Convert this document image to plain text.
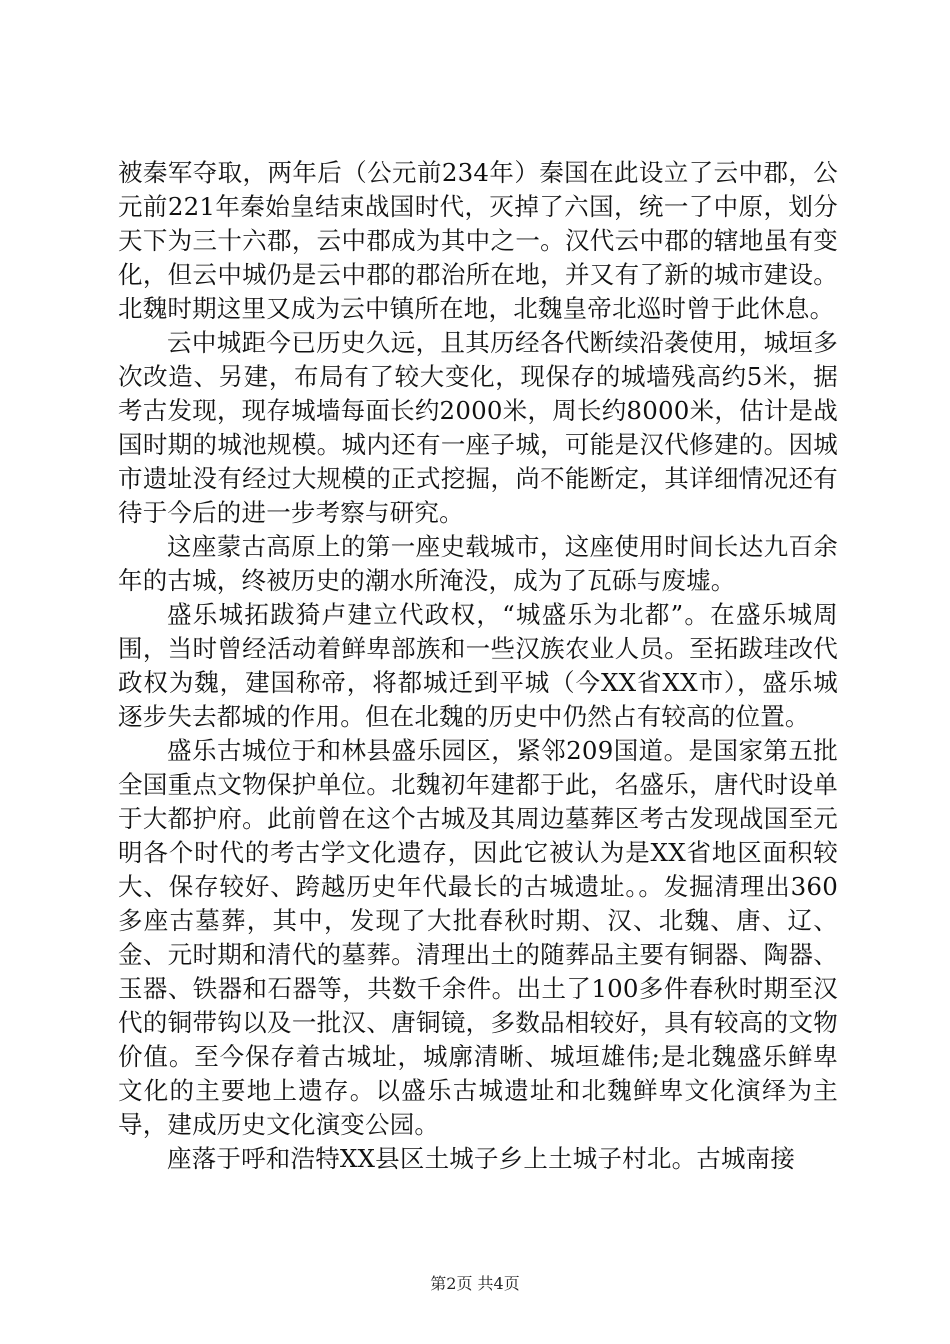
被秦军夺取，两年后（公元前234年）秦国在此设立了云中郡，公元前221年秦始皇结束战国时代，灭掉了六国，统一了中原，划分天下为三十六郡，云中郡成为其中之一。汉代云中郡的辖地虽有变化，但云中城仍是云中郡的郡治所在地，并又有了新的城市建设。北魏时期这里又成为云中镇所在地，北魏皇帝北巡时曾于此休息。

云中城距今已历史久远，且其历经各代断续沿袭使用，城垣多次改造、另建，布局有了较大变化，现保存的城墙残高约5米，据考古发现，现存城墙每面长约2000米，周长约8000米，估计是战国时期的城池规模。城内还有一座子城，可能是汉代修建的。因城市遗址没有经过大规模的正式挖掘，尚不能断定，其详细情况还有待于今后的进一步考察与研究。

这座蒙古高原上的第一座史载城市，这座使用时间长达九百余年的古城，终被历史的潮水所淹没，成为了瓦砾与废墟。

盛乐城拓跋猗卢建立代政权，“城盛乐为北都”。在盛乐城周围，当时曾经活动着鲜卑部族和一些汉族农业人员。至拓跋珪改代政权为魏，建国称帝，将都城迁到平城（今XX省XX市），盛乐城逐步失去都城的作用。但在北魏的历史中仍然占有较高的位置。

盛乐古城位于和林县盛乐园区，紧邻209国道。是国家第五批全国重点文物保护单位。北魏初年建都于此，名盛乐，唐代时设单于大都护府。此前曾在这个古城及其周边墓葬区考古发现战国至元明各个时代的考古学文化遗存，因此它被认为是XX省地区面积较大、保存较好、跨越历史年代最长的古城遗址。。发掘清理出360多座古墓葬，其中，发现了大批春秋时期、汉、北魏、唐、辽、金、元时期和清代的墓葬。清理出土的随葬品主要有铜器、陶器、玉器、铁器和石器等，共数千余件。出土了100多件春秋时期至汉代的铜带钩以及一批汉、唐铜镜，多数品相较好，具有较高的文物价值。至今保存着古城址，城廓清晰、城垣雄伟;是北魏盛乐鲜卑文化的主要地上遗存。以盛乐古城遗址和北魏鲜卑文化演绎为主导，建成历史文化演变公园。

座落于呼和浩特XX县区土城子乡上土城子村北。古城南接

第2页 共4页
